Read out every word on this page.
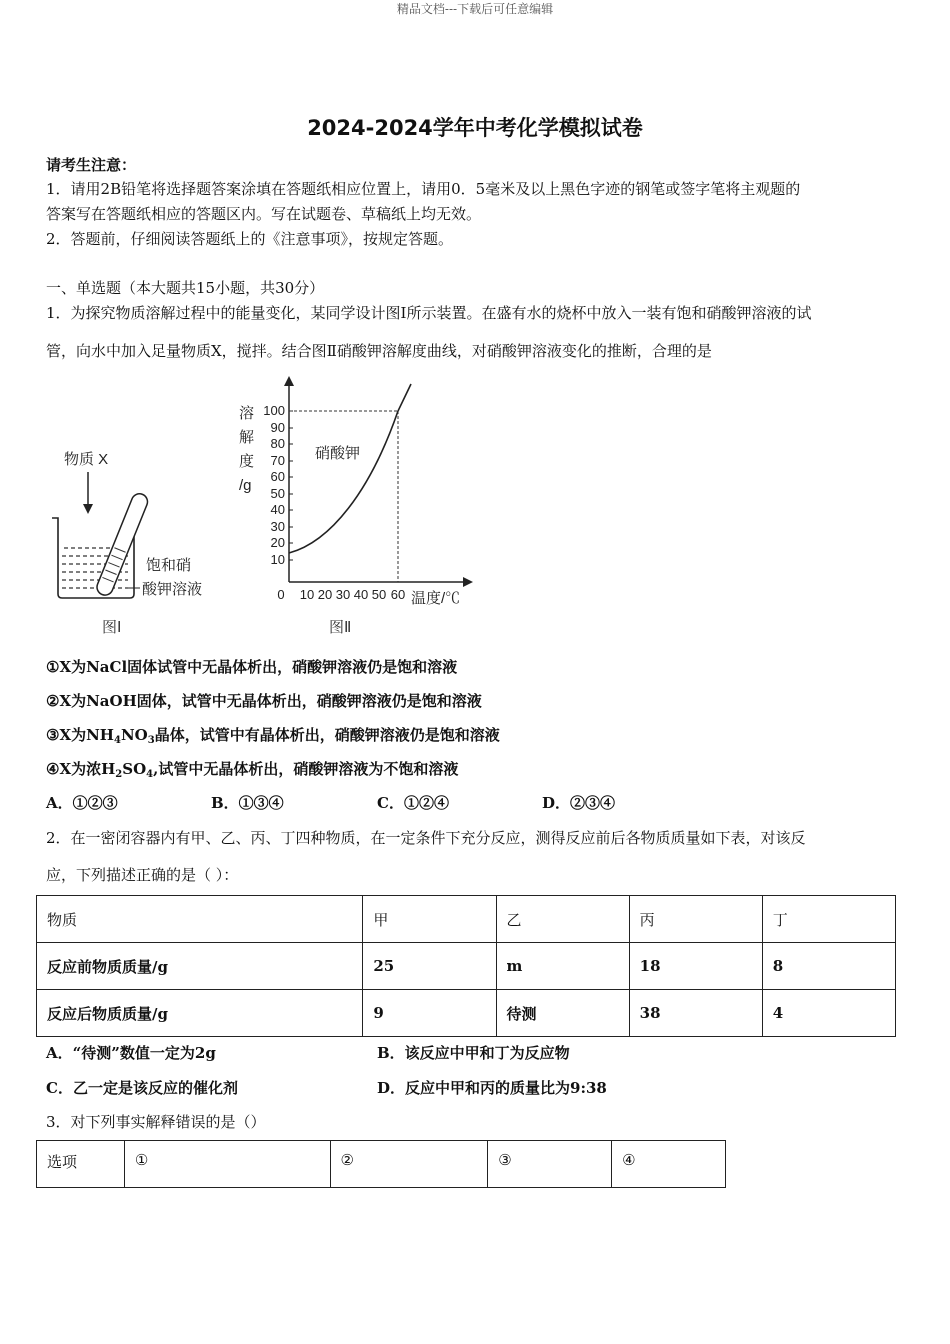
精品文档---下载后可任意编辑
2024-2024学年中考化学模拟试卷
请考生注意：
1．请用2B铅笔将选择题答案涂填在答题纸相应位置上，请用0．5毫米及以上黑色字迹的钢笔或签字笔将主观题的
答案写在答题纸相应的答题区内。写在试题卷、草稿纸上均无效。
2．答题前，仔细阅读答题纸上的《注意事项》，按规定答题。
一、单选题（本大题共15小题，共30分）
1．为探究物质溶解过程中的能量变化，某同学设计图Ⅰ所示装置。在盛有水的烧杯中放入一装有饱和硝酸钾溶液的试
管，向水中加入足量物质X，搅拌。结合图Ⅱ硝酸钾溶解度曲线，对硝酸钾溶液变化的推断，合理的是
物质 X
饱和硝
酸钾溶液
图Ⅰ
溶
解
度
/g
100
90
80
70
60
50
40
30
20
10
0 10 20 30 40 50 60 温度/℃
硝酸钾
图Ⅱ
①X为NaCl固体试管中无晶体析出，硝酸钾溶液仍是饱和溶液
②X为NaOH固体，试管中无晶体析出，硝酸钾溶液仍是饱和溶液
③X为$NH_4NO_3$晶体，试管中有晶体析出，硝酸钾溶液仍是饱和溶液
④X为浓$H_2SO_4$,试管中无晶体析出，硝酸钾溶液为不饱和溶液
A．①②③	B．①③④	C．①②④	D．②③④
2．在一密闭容器内有甲、乙、丙、丁四种物质，在一定条件下充分反应，测得反应前后各物质质量如下表，对该反
应，下列描述正确的是（ ）：
物质	甲	乙	丙	丁
反应前物质质量/g	25	m	18	8
反应后物质质量/g	9	待测	38	4
A．“待测”数值一定为2g	B．该反应中甲和丁为反应物
C．乙一定是该反应的催化剂	D．反应中甲和丙的质量比为9:38
3．对下列事实解释错误的是（）
选项	①	②	③	④
